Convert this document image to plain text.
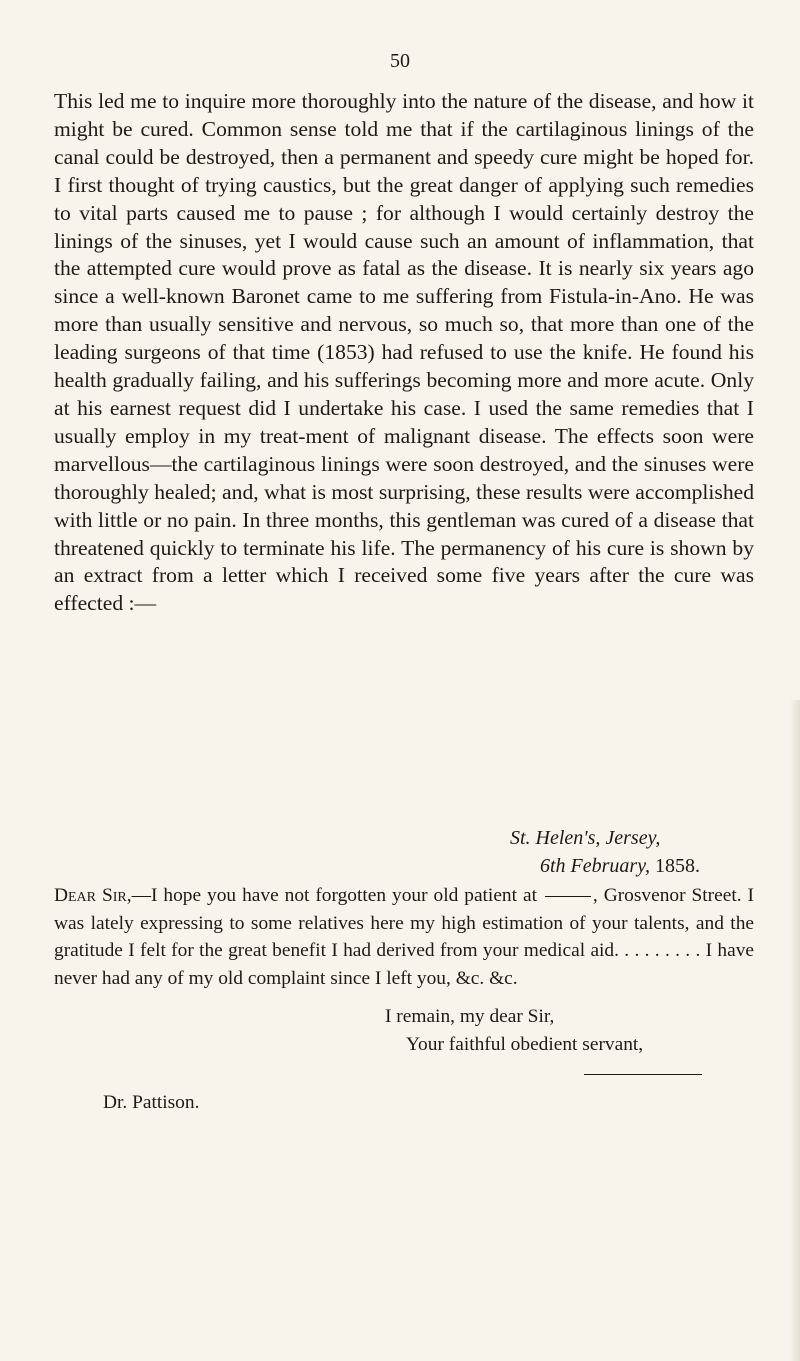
50

This led me to inquire more thoroughly into the nature of the disease, and how it might be cured. Common sense told me that if the cartilaginous linings of the canal could be destroyed, then a permanent and speedy cure might be hoped for. I first thought of trying caustics, but the great danger of applying such remedies to vital parts caused me to pause ; for although I would certainly destroy the linings of the sinuses, yet I would cause such an amount of inflammation, that the attempted cure would prove as fatal as the disease. It is nearly six years ago since a well-known Baronet came to me suffering from Fistula-in-Ano. He was more than usually sensitive and nervous, so much so, that more than one of the leading surgeons of that time (1853) had refused to use the knife. He found his health gradually failing, and his sufferings becoming more and more acute. Only at his earnest request did I undertake his case. I used the same remedies that I usually employ in my treat-ment of malignant disease. The effects soon were marvellous—the cartilaginous linings were soon destroyed, and the sinuses were thoroughly healed; and, what is most surprising, these results were accomplished with little or no pain. In three months, this gentleman was cured of a disease that threatened quickly to terminate his life. The permanency of his cure is shown by an extract from a letter which I received some five years after the cure was effected :—

St. Helen's, Jersey,
6th February, 1858.

Dear Sir,—I hope you have not forgotten your old patient at	, Grosvenor Street. I was lately expressing to some relatives here my high estimation of your talents, and the gratitude I felt for the great benefit I had derived from your medical aid. . . . . . . . . I have never had any of my old complaint since I left you, &c. &c.

I remain, my dear Sir,
Your faithful obedient servant,
Dr. Pattison.
